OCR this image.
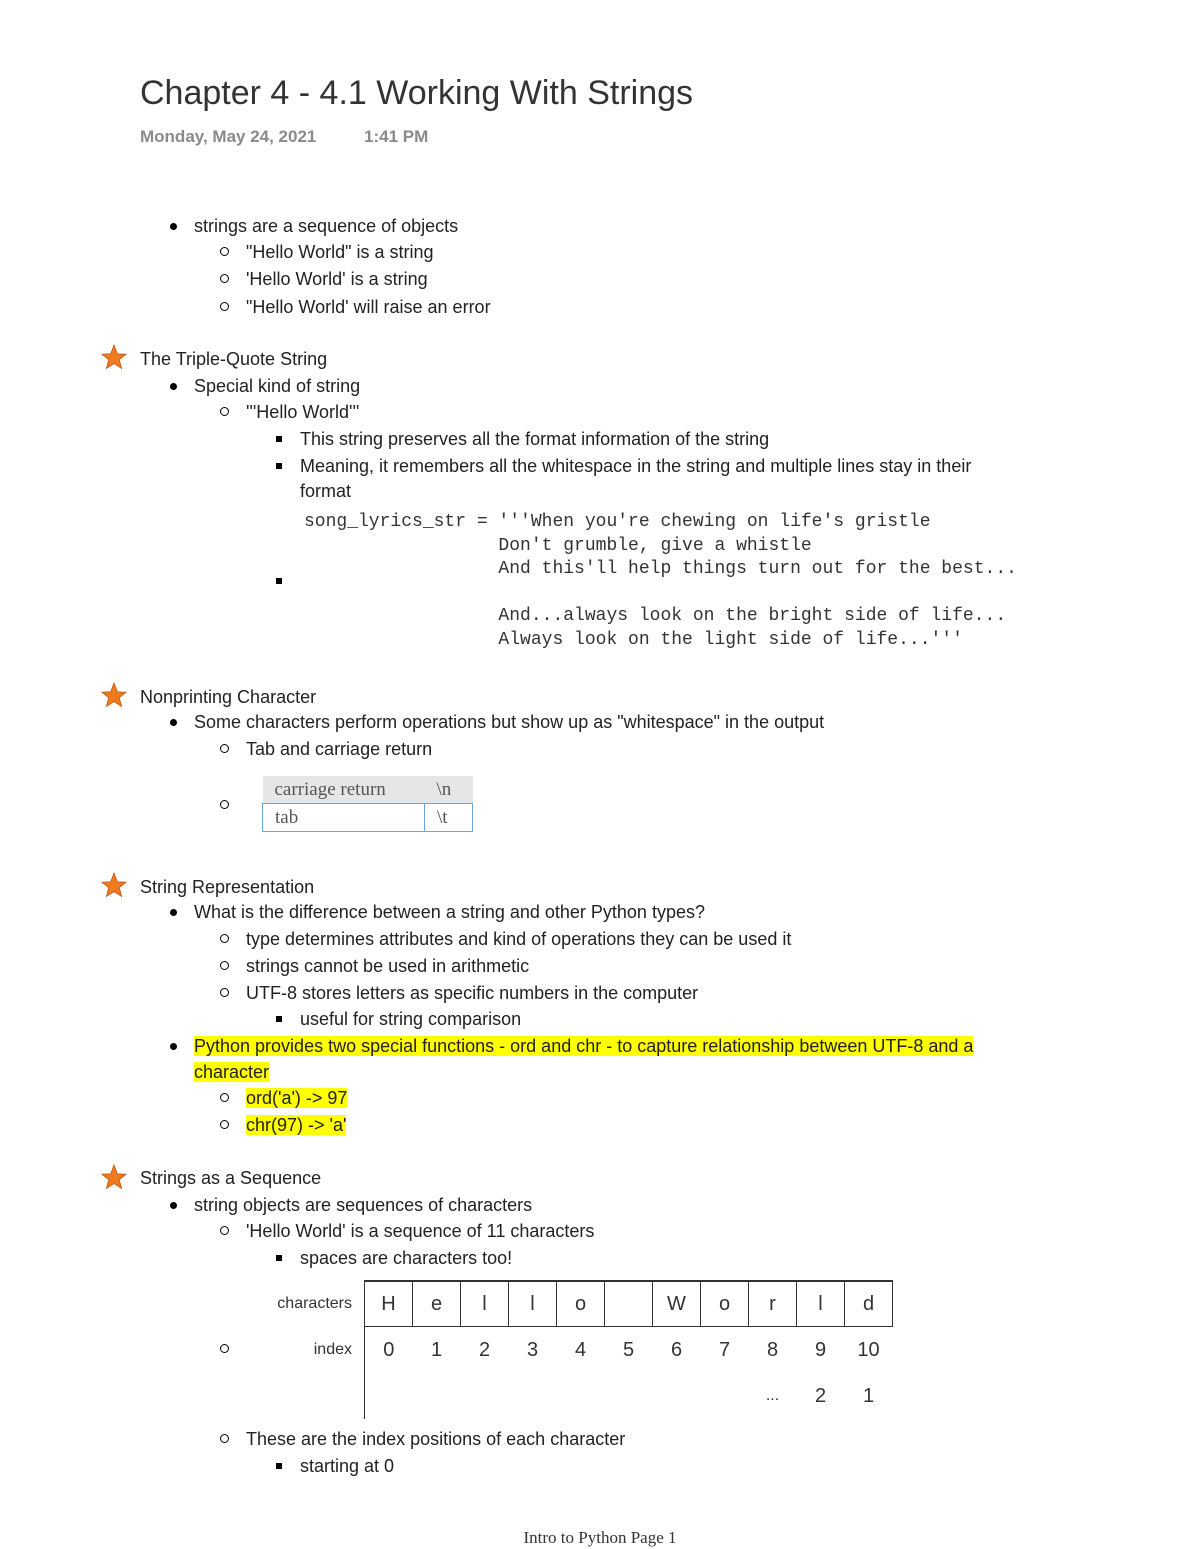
Chapter 4 - 4.1 Working With Strings
Monday, May 24, 2021	1:41 PM
strings are a sequence of objects
"Hello World" is a string
'Hello World' is a string
"Hello World' will raise an error
The Triple-Quote String
Special kind of string
'''Hello World'''
This string preserves all the format information of the string
Meaning, it remembers all the whitespace in the string and multiple lines stay in their
format
song_lyrics_str = '''When you're chewing on life's gristle
Don't grumble, give a whistle
And this'll help things turn out for the best...
And...always look on the bright side of life...
Always look on the light side of life...'''
Nonprinting Character
Some characters perform operations but show up as "whitespace" in the output
Tab and carriage return
carriage return	\n
tab	\t
String Representation
What is the difference between a string and other Python types?
type determines attributes and kind of operations they can be used it
strings cannot be used in arithmetic
UTF-8 stores letters as specific numbers in the computer
useful for string comparison
Python provides two special functions - ord and chr - to capture relationship between UTF-8 and a
character
ord('a') -> 97
chr(97) -> 'a'
Strings as a Sequence
string objects are sequences of characters
'Hello World' is a sequence of 11 characters
spaces are characters too!
characters	H	e	l	l	o		W	o	r	l	d
index	0	1	2	3	4	5	6	7	8	9	10
									...	2	1
These are the index positions of each character
starting at 0
Intro to Python Page 1
